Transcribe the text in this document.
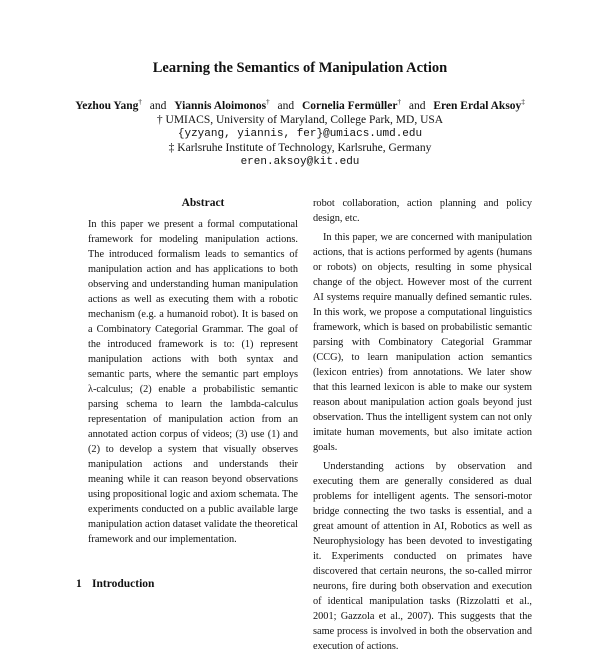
Learning the Semantics of Manipulation Action
Yezhou Yang† and Yiannis Aloimonos† and Cornelia Fermüller† and Eren Erdal Aksoy‡
† UMIACS, University of Maryland, College Park, MD, USA
{yzyang, yiannis, fer}@umiacs.umd.edu
‡ Karlsruhe Institute of Technology, Karlsruhe, Germany
eren.aksoy@kit.edu
Abstract

In this paper we present a formal computational framework for modeling manipulation actions. The introduced formalism leads to semantics of manipulation action and has applications to both observing and understanding human manipulation actions as well as executing them with a robotic mechanism (e.g. a humanoid robot). It is based on a Combinatory Categorial Grammar. The goal of the introduced framework is to: (1) represent manipulation actions with both syntax and semantic parts, where the semantic part employs λ-calculus; (2) enable a probabilistic semantic parsing schema to learn the lambda-calculus representation of manipulation action from an annotated action corpus of videos; (3) use (1) and (2) to develop a system that visually observes manipulation actions and understands their meaning while it can reason beyond observations using propositional logic and axiom schemata. The experiments conducted on a public available large manipulation action dataset validate the theoretical framework and our implementation.

1 Introduction

robot collaboration, action planning and policy design, etc.

In this paper, we are concerned with manipulation actions, that is actions performed by agents (humans or robots) on objects, resulting in some physical change of the object. However most of the current AI systems require manually defined semantic rules. In this work, we propose a computational linguistics framework, which is based on probabilistic semantic parsing with Combinatory Categorial Grammar (CCG), to learn manipulation action semantics (lexicon entries) from annotations. We later show that this learned lexicon is able to make our system reason about manipulation action goals beyond just observation. Thus the intelligent system can not only imitate human movements, but also imitate action goals.

Understanding actions by observation and executing them are generally considered as dual problems for intelligent agents. The sensori-motor bridge connecting the two tasks is essential, and a great amount of attention in AI, Robotics as well as Neurophysiology has been devoted to investigating it. Experiments conducted on primates have discovered that certain neurons, the so-called mirror neurons, fire during both observation and execution of identical manipulation tasks (Rizzolatti et al., 2001; Gazzola et al., 2007). This suggests that the same process is involved in both the observation and execution of actions.
